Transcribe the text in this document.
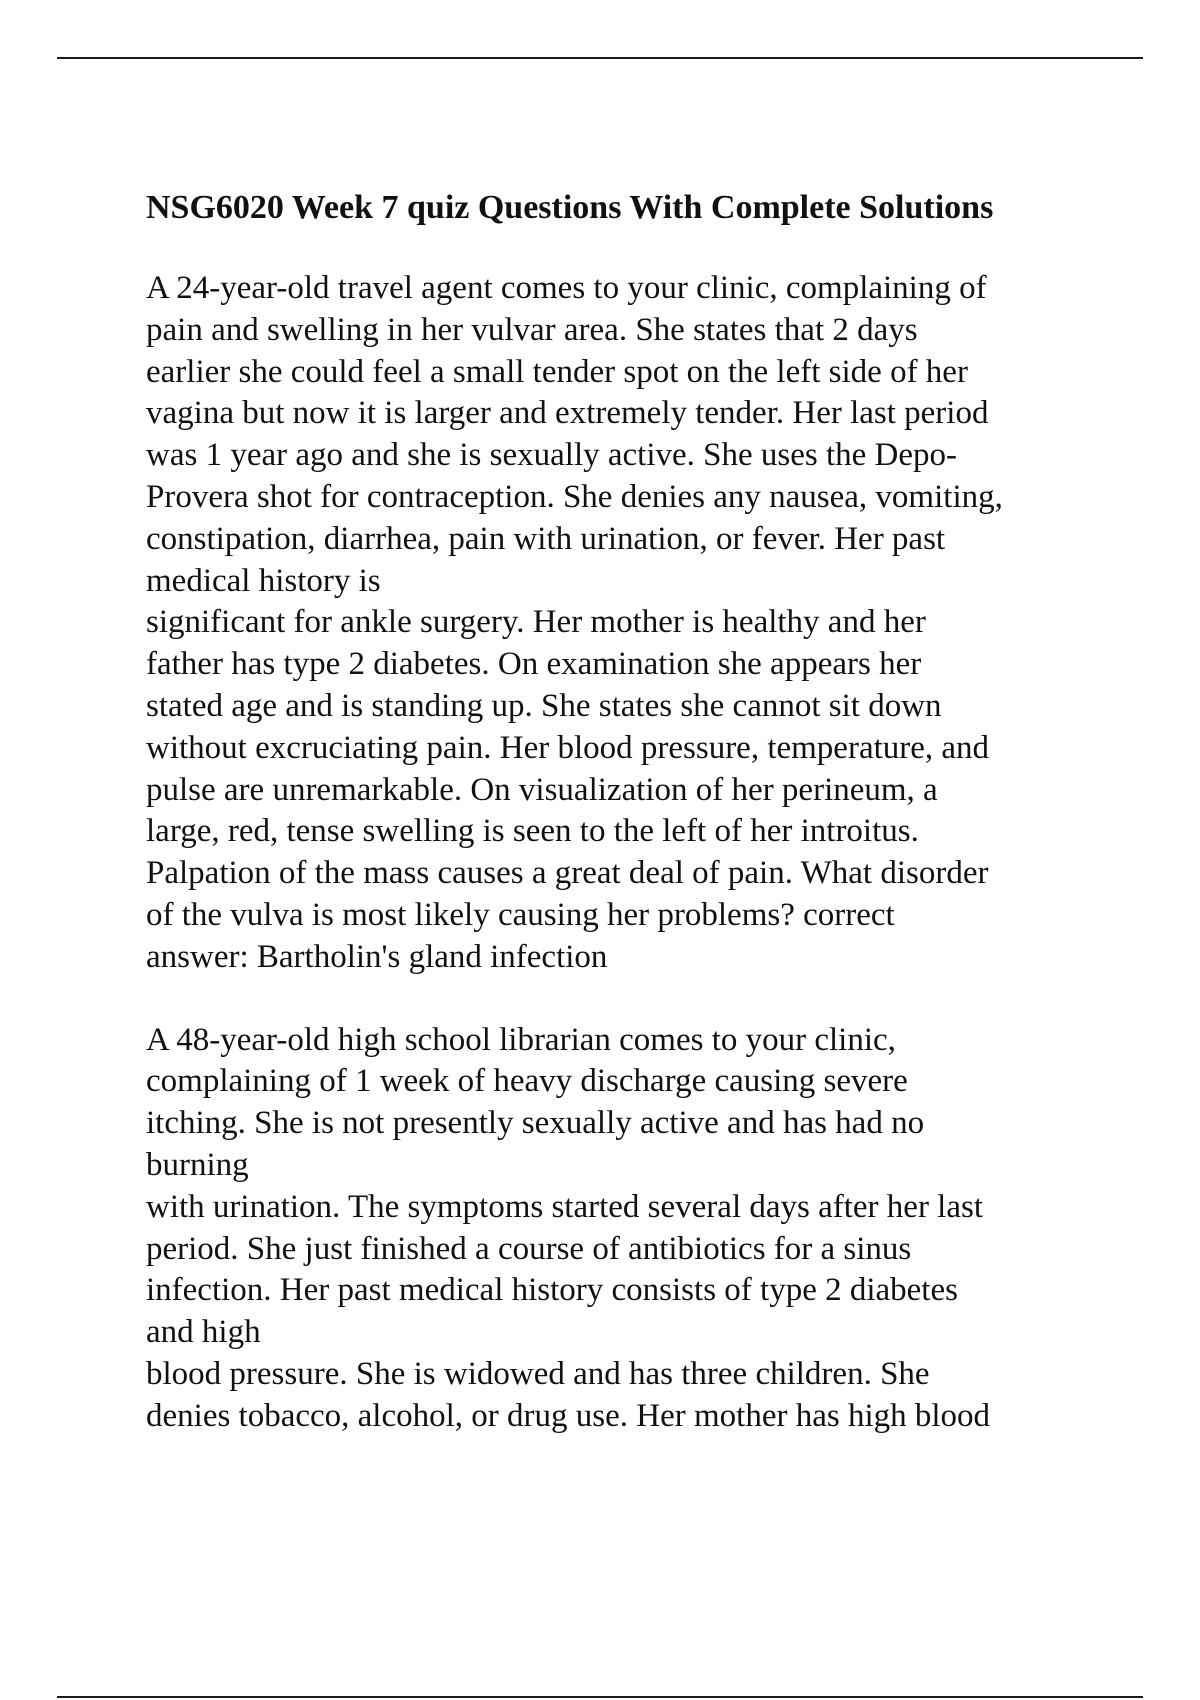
NSG6020 Week 7 quiz Questions With Complete Solutions
A 24-year-old travel agent comes to your clinic, complaining of
pain and swelling in her vulvar area. She states that 2 days
earlier she could feel a small tender spot on the left side of her
vagina but now it is larger and extremely tender. Her last period
was 1 year ago and she is sexually active. She uses the Depo-
Provera shot for contraception. She denies any nausea, vomiting,
constipation, diarrhea, pain with urination, or fever. Her past
medical history is
significant for ankle surgery. Her mother is healthy and her
father has type 2 diabetes. On examination she appears her
stated age and is standing up. She states she cannot sit down
without excruciating pain. Her blood pressure, temperature, and
pulse are unremarkable. On visualization of her perineum, a
large, red, tense swelling is seen to the left of her introitus.
Palpation of the mass causes a great deal of pain. What disorder
of the vulva is most likely causing her problems? correct
answer: Bartholin's gland infection
A 48-year-old high school librarian comes to your clinic,
complaining of 1 week of heavy discharge causing severe
itching. She is not presently sexually active and has had no
burning
with urination. The symptoms started several days after her last
period. She just finished a course of antibiotics for a sinus
infection. Her past medical history consists of type 2 diabetes
and high
blood pressure. She is widowed and has three children. She
denies tobacco, alcohol, or drug use. Her mother has high blood
